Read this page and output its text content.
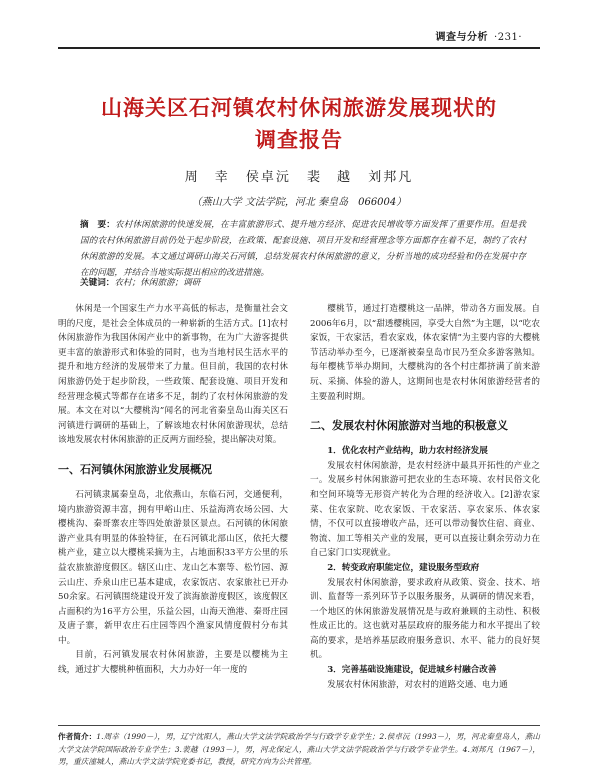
调查与分析 ·231·
山海关区石河镇农村休闲旅游发展现状的
调查报告
周　幸 侯卓沅 裴　越 刘邦凡
（燕山大学 文法学院，河北 秦皇岛　066004）
摘　要：农村休闲旅游的快速发展，在丰富旅游形式、提升地方经济、促进农民增收等方面发挥了重要作用。但是我国的农村休闲旅游目前仍处于起步阶段，在政策、配套设施、项目开发和经营理念等方面都存在着不足，制约了农村休闲旅游的发展。本文通过调研山海关石河镇，总结发展农村休闲旅游的意义，分析当地的成功经验和仍在发展中存在的问题，并结合当地实际提出相应的改进措施。
关键词：农村；休闲旅游；调研

休闲是一个国家生产力水平高低的标志，是衡量社会文明的尺度，是社会全体成员的一种崭新的生活方式。[1]农村休闲旅游作为我国休闲产业中的新事物，在为广大游客提供更丰富的旅游形式和体验的同时，也为当地村民生活水平的提升和地方经济的发展带来了力量。但目前，我国的农村休闲旅游仍处于起步阶段，一些政策、配套设施、项目开发和经营理念模式等都存在诸多不足，制约了农村休闲旅游的发展。本文在对以“大樱桃沟”闻名的河北省秦皇岛山海关区石河镇进行调研的基础上，了解该地农村休闲旅游现状，总结该地发展农村休闲旅游的正反两方面经验，提出解决对策。

一、石河镇休闲旅游业发展概况

石河镇隶属秦皇岛，北依燕山，东临石河，交通便利，境内旅游资源丰富，拥有甲峪山庄、乐益海湾农场公园、大樱桃沟、秦哥寨农庄等四处旅游景区景点。石河镇的休闲旅游产业具有明显的体验特征，在石河镇北部山区，依托大樱桃产业，建立以大樱桃采摘为主，占地面积33平方公里的乐益农旅旅游度假区。辖区山庄、龙山乞本寨等、松竹园、源云山庄、乔泉山庄已基本建成，农家饭店、农家旅社已开办50余家。石河镇围绕建设开发了滨海旅游度假区，该度假区占面积约为16平方公里，乐益公园，山海天渔港、秦哥庄园及唐子寨，新甲农庄石庄园等四个渔家风情度假村分布其中。

目前，石河镇发展农村休闲旅游，主要是以樱桃为主线，通过扩大樱桃种植面积，大力办好一年一度的

樱桃节，通过打造樱桃这一品牌，带动各方面发展。自2006年6月，以“甜透樱桃园，享受大自然”为主题，以“吃农家饭，干农家活，看农家戏，体农家情”为主要内容的大樱桃节活动举办至今，已逐渐被秦皇岛市民乃至众多游客熟知。每年樱桃节举办期间，大樱桃沟的各个村庄都挤满了前来游玩、采摘、体验的游人，这期间也是农村休闲旅游经营者的主要盈利时期。

二、发展农村休闲旅游对当地的积极意义
1．优化农村产业结构，助力农村经济发展

发展农村休闲旅游，是农村经济中最具开拓性的产业之一。发展乡村休闲旅游可把农业的生态环境、农村民俗文化和空间环境等无形资产转化为合理的经济收入。[2]游农家菜、住农家院、吃农家饭、干农家活、享农家乐、体农家情，不仅可以直接增收产品，还可以带动餐饮住宿、商业、物流、加工等相关产业的发展，更可以直接让剩余劳动力在自己家门口实现就业。

2．转变政府职能定位，建设服务型政府

发展农村休闲旅游，要求政府从政策、资金、技术、培训、监督等一系列环节予以服务服务，从调研的情况来看，一个地区的休闲旅游发展情况是与政府兼顾的主动性、积极性成正比的。这也就对基层政府的服务能力和水平提出了较高的要求，是培养基层政府服务意识、水平、能力的良好契机。

3．完善基础设施建设，促进城乡村融合改善

发展农村休闲旅游，对农村的道路交通、电力通

作者简介：1.周幸（1990－），男，辽宁沈阳人，燕山大学文法学院政治学与行政学专业学生；2.侯卓沅（1993－），男，河北秦皇岛人，燕山大学文法学院国际政治专业学生；3.裴越（1993－），男，河北保定人，燕山大学文法学院政治学与行政学专业学生。4.刘邦凡（1967－），男，重庆潼城人，燕山大学文法学院党委书记，教授，研究方向为公共管理。
